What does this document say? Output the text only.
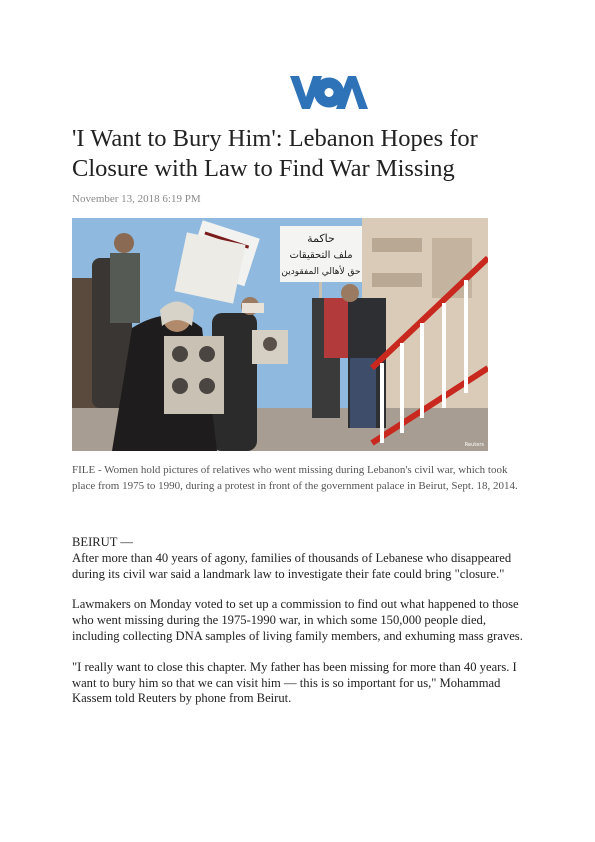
'I Want to Bury Him': Lebanon Hopes for Closure with Law to Find War Missing
November 13, 2018 6:19 PM
حاكمة
ملف التحقيقات
حق لأهالي المفقودين
Reuters
FILE - Women hold pictures of relatives who went missing during Lebanon's civil war, which took place from 1975 to 1990, during a protest in front of the government palace in Beirut, Sept. 18, 2014.

BEIRUT —

After more than 40 years of agony, families of thousands of Lebanese who disappeared during its civil war said a landmark law to investigate their fate could bring "closure."

Lawmakers on Monday voted to set up a commission to find out what happened to those who went missing during the 1975-1990 war, in which some 150,000 people died, including collecting DNA samples of living family members, and exhuming mass graves.

"I really want to close this chapter. My father has been missing for more than 40 years. I want to bury him so that we can visit him — this is so important for us," Mohammad Kassem told Reuters by phone from Beirut.
